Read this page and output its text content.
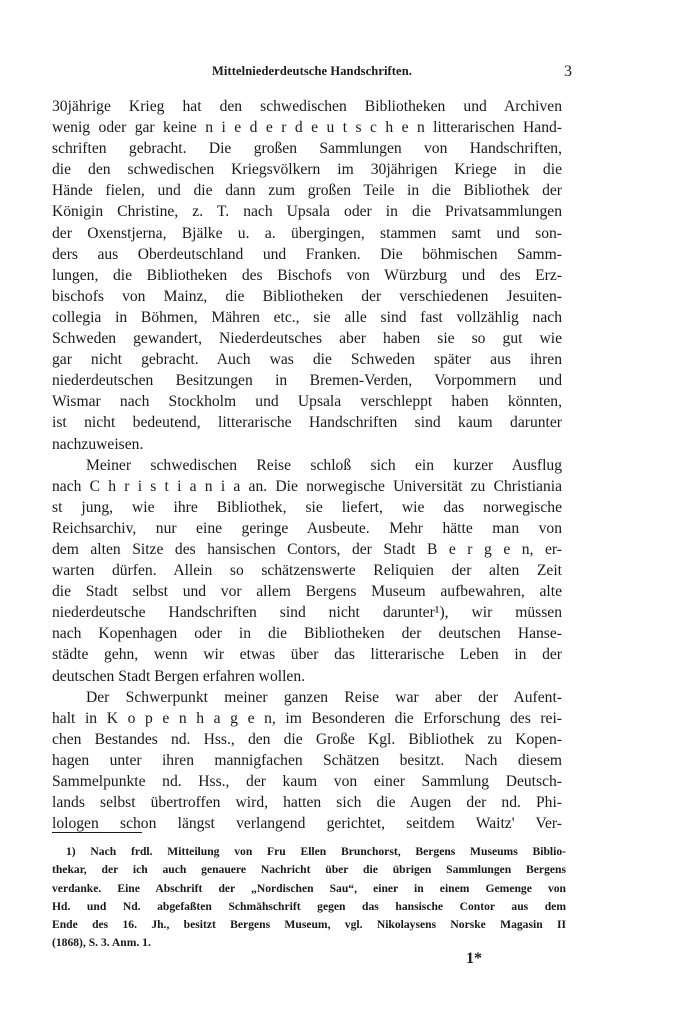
Mittelniederdeutsche Handschriften.	3
30jährige Krieg hat den schwedischen Bibliotheken und Archiven
wenig oder gar keine n i e d e r d e u t s c h e n litterarischen Hand-
schriften gebracht. Die großen Sammlungen von Handschriften,
die den schwedischen Kriegsvölkern im 30jährigen Kriege in die
Hände fielen, und die dann zum großen Teile in die Bibliothek der
Königin Christine, z. T. nach Upsala oder in die Privatsammlungen
der Oxenstjerna, Bjälke u. a. übergingen, stammen samt und son-
ders aus Oberdeutschland und Franken. Die böhmischen Samm-
lungen, die Bibliotheken des Bischofs von Würzburg und des Erz-
bischofs von Mainz, die Bibliotheken der verschiedenen Jesuiten-
collegia in Böhmen, Mähren etc., sie alle sind fast vollzählig nach
Schweden gewandert, Niederdeutsches aber haben sie so gut wie
gar nicht gebracht. Auch was die Schweden später aus ihren
niederdeutschen Besitzungen in Bremen-Verden, Vorpommern und
Wismar nach Stockholm und Upsala verschleppt haben könnten,
ist nicht bedeutend, litterarische Handschriften sind kaum darunter
nachzuweisen.
Meiner schwedischen Reise schloß sich ein kurzer Ausflug
nach C h r i s t i a n i a an. Die norwegische Universität zu Christiania
st jung, wie ihre Bibliothek, sie liefert, wie das norwegische
Reichsarchiv, nur eine geringe Ausbeute. Mehr hätte man von
dem alten Sitze des hansischen Contors, der Stadt B e r g e n, er-
warten dürfen. Allein so schätzenswerte Reliquien der alten Zeit
die Stadt selbst und vor allem Bergens Museum aufbewahren, alte
niederdeutsche Handschriften sind nicht darunter¹), wir müssen
nach Kopenhagen oder in die Bibliotheken der deutschen Hanse-
städte gehn, wenn wir etwas über das litterarische Leben in der
deutschen Stadt Bergen erfahren wollen.
Der Schwerpunkt meiner ganzen Reise war aber der Aufent-
halt in K o p e n h a g e n, im Besonderen die Erforschung des rei-
chen Bestandes nd. Hss., den die Große Kgl. Bibliothek zu Kopen-
hagen unter ihren mannigfachen Schätzen besitzt. Nach diesem
Sammelpunkte nd. Hss., der kaum von einer Sammlung Deutsch-
lands selbst übertroffen wird, hatten sich die Augen der nd. Phi-
lologen schon längst verlangend gerichtet, seitdem Waitz' Ver-
1) Nach frdl. Mitteilung von Fru Ellen Brunchorst, Bergens Museums Biblio-
thekar, der ich auch genauere Nachricht über die übrigen Sammlungen Bergens
verdanke. Eine Abschrift der „Nordischen Sau“, einer in einem Gemenge von
Hd. und Nd. abgefaßten Schmähschrift gegen das hansische Contor aus dem
Ende des 16. Jh., besitzt Bergens Museum, vgl. Nikolaysens Norske Magasin II
(1868), S. 3. Anm. 1.
1*
